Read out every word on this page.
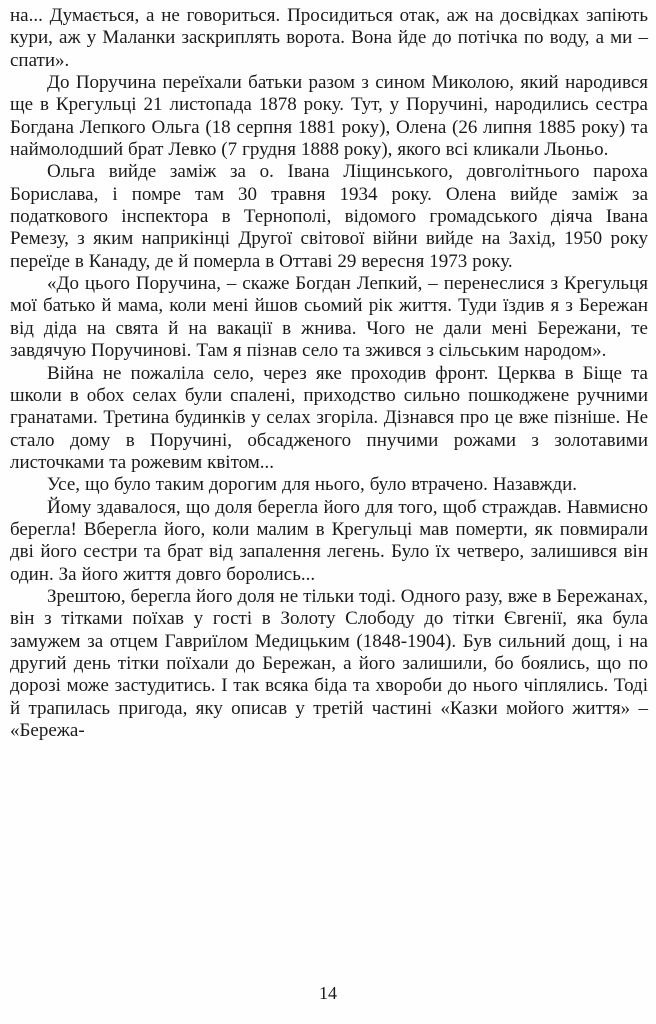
на... Думається, а не говориться. Просидиться отак, аж на досвідках запіють кури, аж у Маланки заскриплять ворота. Вона йде до потічка по воду, а ми – спати».

До Поручина переїхали батьки разом з сином Миколою, який народився ще в Крегульці 21 листопада 1878 року. Тут, у Поручині, народились сестра Богдана Лепкого Ольга (18 серпня 1881 року), Олена (26 липня 1885 року) та наймолодший брат Левко (7 грудня 1888 року), якого всі кликали Льоньо.

Ольга вийде заміж за о. Івана Ліщинського, довголітнього пароха Борислава, і помре там 30 травня 1934 року. Олена вийде заміж за податкового інспектора в Тернополі, відомого громадського діяча Івана Ремезу, з яким наприкінці Другої світової війни вийде на Захід, 1950 року переїде в Канаду, де й померла в Оттаві 29 вересня 1973 року.

«До цього Поручина, – скаже Богдан Лепкий, – перенеслися з Крегульця мої батько й мама, коли мені йшов сьомий рік життя. Туди їздив я з Бережан від діда на свята й на вакації в жнива. Чого не дали мені Бережани, те завдячую Поручинові. Там я пізнав село та зжився з сільським народом».

Війна не пожаліла село, через яке проходив фронт. Церква в Біще та школи в обох селах були спалені, приходство сильно пошкоджене ручними гранатами. Третина будинків у селах згоріла. Дізнався про це вже пізніше. Не стало дому в Поручині, обсадженого пнучими рожами з золотавими листочками та рожевим квітом...

Усе, що було таким дорогим для нього, було втрачено. Назавжди.

Йому здавалося, що доля берегла його для того, щоб страждав. Навмисно берегла! Вберегла його, коли малим в Крегульці мав померти, як повмирали дві його сестри та брат від запалення легень. Було їх четверо, залишився він один. За його життя довго боролись...

Зрештою, берегла його доля не тільки тоді. Одного разу, вже в Бережанах, він з тітками поїхав у гості в Золоту Слободу до тітки Євгенії, яка була замужем за отцем Гавриїлом Медицьким (1848-1904). Був сильний дощ, і на другий день тітки поїхали до Бережан, а його залишили, бо боялись, що по дорозі може застудитись. І так всяка біда та хвороби до нього чіплялись. Тоді й трапилась пригода, яку описав у третій частині «Казки мойого життя» – «Бережа-

14
